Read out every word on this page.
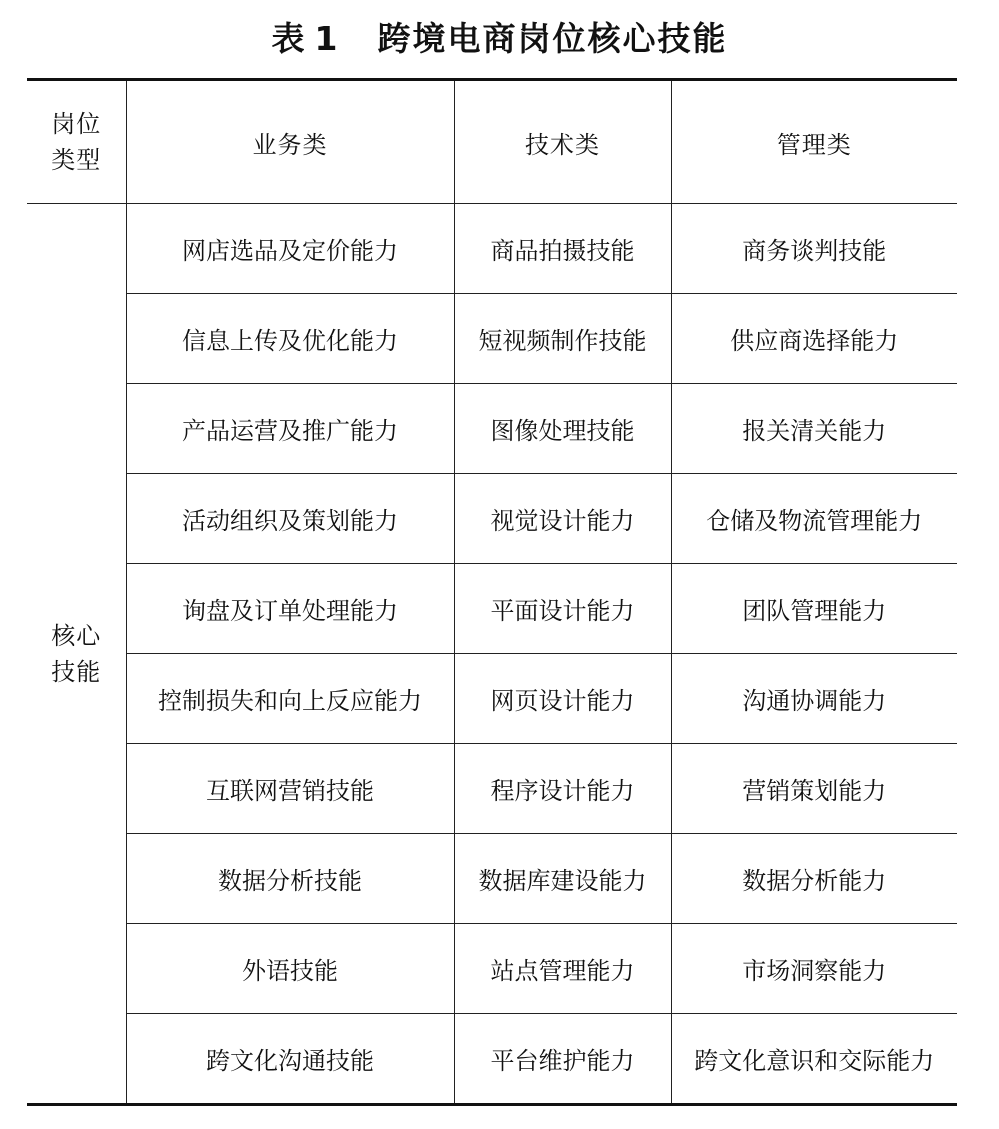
表 1 跨境电商岗位核心技能
岗位类型	业务类	技术类	管理类
核心技能	网店选品及定价能力	商品拍摄技能	商务谈判技能
	信息上传及优化能力	短视频制作技能	供应商选择能力
	产品运营及推广能力	图像处理技能	报关清关能力
	活动组织及策划能力	视觉设计能力	仓储及物流管理能力
	询盘及订单处理能力	平面设计能力	团队管理能力
	控制损失和向上反应能力	网页设计能力	沟通协调能力
	互联网营销技能	程序设计能力	营销策划能力
	数据分析技能	数据库建设能力	数据分析能力
	外语技能	站点管理能力	市场洞察能力
	跨文化沟通技能	平台维护能力	跨文化意识和交际能力
